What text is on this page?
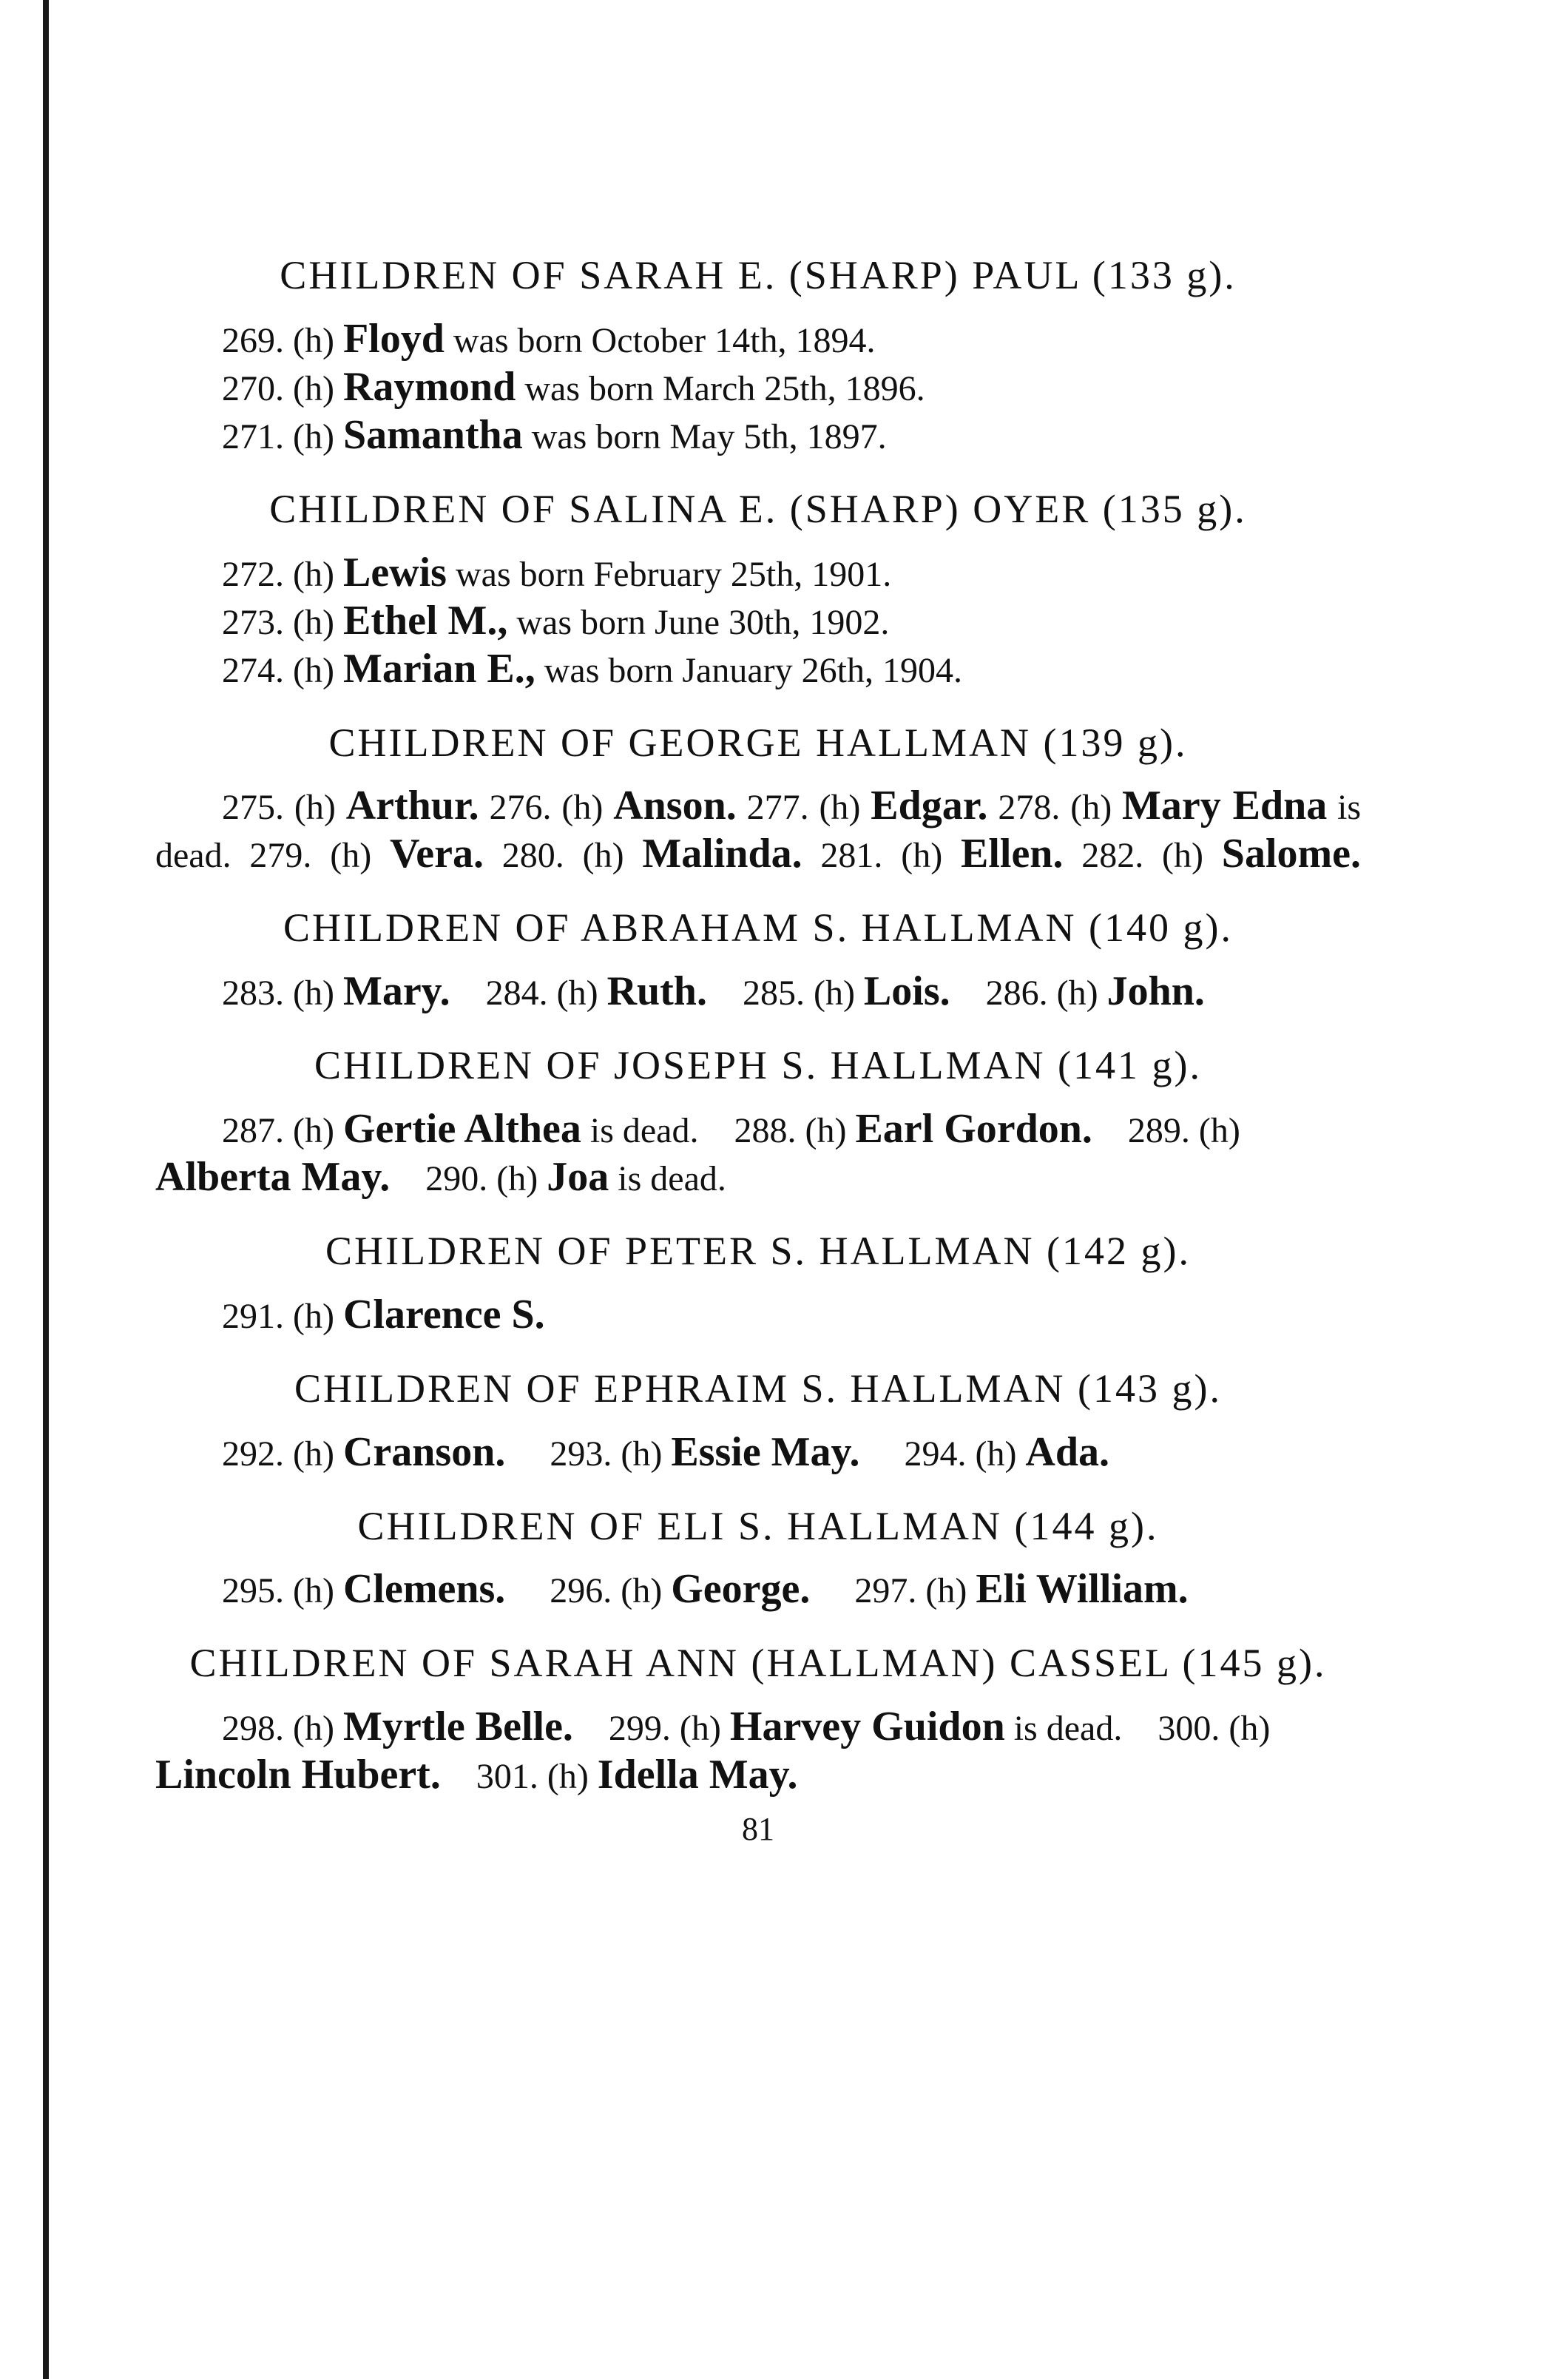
CHILDREN OF SARAH E. (SHARP) PAUL (133 g).
269. (h) Floyd was born October 14th, 1894.
270. (h) Raymond was born March 25th, 1896.
271. (h) Samantha was born May 5th, 1897.
CHILDREN OF SALINA E. (SHARP) OYER (135 g).
272. (h) Lewis was born February 25th, 1901.
273. (h) Ethel M., was born June 30th, 1902.
274. (h) Marian E., was born January 26th, 1904.
CHILDREN OF GEORGE HALLMAN (139 g).

275. (h) Arthur. 276. (h) Anson. 277. (h) Edgar. 278. (h) Mary Edna is dead. 279. (h) Vera. 280. (h) Malinda. 281. (h) Ellen. 282. (h) Salome.

CHILDREN OF ABRAHAM S. HALLMAN (140 g).

283. (h) Mary. 284. (h) Ruth. 285. (h) Lois. 286. (h) John.

CHILDREN OF JOSEPH S. HALLMAN (141 g).

287. (h) Gertie Althea is dead. 288. (h) Earl Gordon. 289. (h) Alberta May. 290. (h) Joa is dead.

CHILDREN OF PETER S. HALLMAN (142 g).

291. (h) Clarence S.

CHILDREN OF EPHRAIM S. HALLMAN (143 g).

292. (h) Cranson. 293. (h) Essie May. 294. (h) Ada.

CHILDREN OF ELI S. HALLMAN (144 g).

295. (h) Clemens. 296. (h) George. 297. (h) Eli William.

CHILDREN OF SARAH ANN (HALLMAN) CASSEL (145 g).

298. (h) Myrtle Belle. 299. (h) Harvey Guidon is dead. 300. (h) Lincoln Hubert. 301. (h) Idella May.

81
